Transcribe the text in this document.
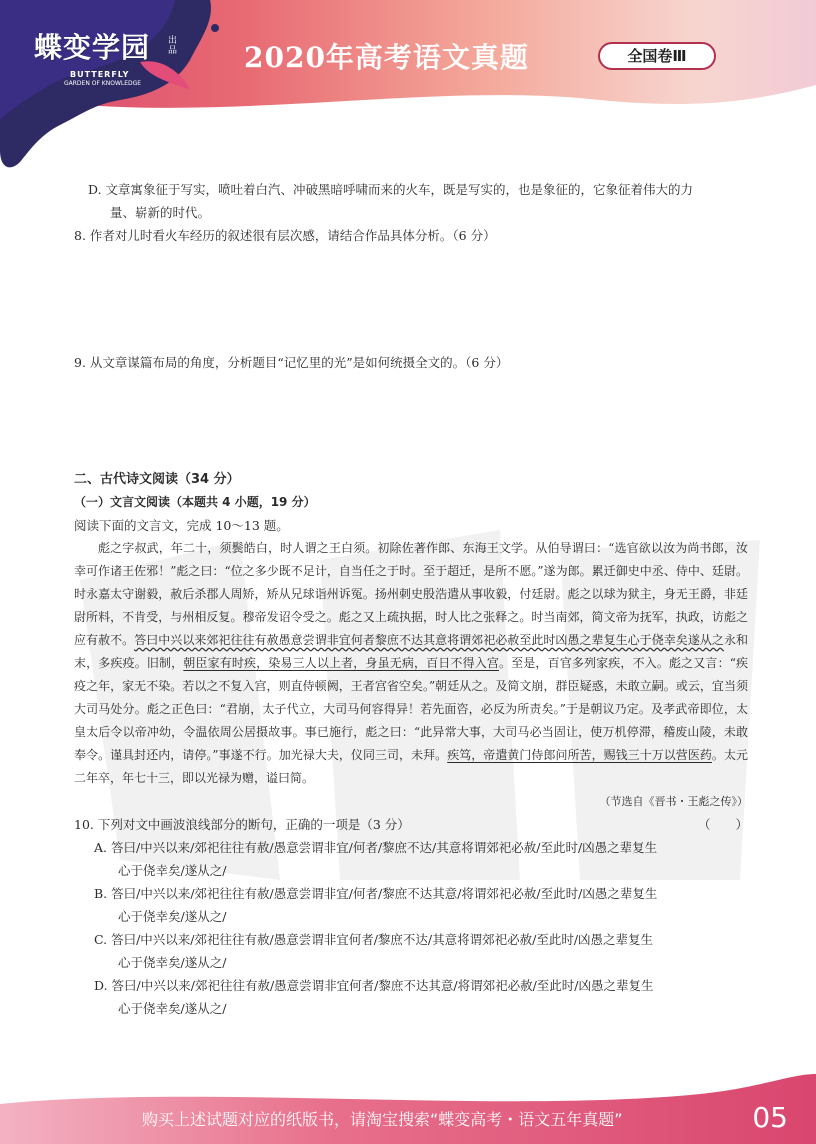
蝶变学园 出品
BUTTERFLY
GARDEN OF KNOWLEDGE
2020年高考语文真题	全国卷Ⅲ
D. 文章寓象征于写实，喷吐着白汽、冲破黑暗呼啸而来的火车，既是写实的，也是象征的，它象征着伟大的力
量、崭新的时代。
8. 作者对儿时看火车经历的叙述很有层次感，请结合作品具体分析。（6 分）
9. 从文章谋篇布局的角度，分析题目“记忆里的光”是如何统摄全文的。（6 分）
二、古代诗文阅读（34 分）
（一）文言文阅读（本题共 4 小题，19 分）
阅读下面的文言文，完成 10～13 题。

彪之字叔武，年二十，须鬓皓白，时人谓之王白须。初除佐著作郎、东海王文学。从伯导谓曰：“选官欲以汝为尚书郎，汝幸可作诸王佐邪！”彪之曰：“位之多少既不足计，自当任之于时。至于超迁，是所不愿。”遂为郎。累迁御史中丞、侍中、廷尉。时永嘉太守谢毅，赦后杀郡人周矫，矫从兄球诣州诉冤。扬州刺史殷浩遣从事收毅，付廷尉。彪之以球为狱主，身无王爵，非廷尉所料，不肯受，与州相反复。穆帝发诏令受之。彪之又上疏执据，时人比之张释之。时当南郊，简文帝为抚军，执政，访彪之应有赦不。答曰中兴以来郊祀往往有赦愚意尝谓非宜何者黎庶不达其意将谓郊祀必赦至此时凶愚之辈复生心于侥幸矣遂从之永和末，多疾疫。旧制，朝臣家有时疾，染易三人以上者，身虽无病，百日不得入宫。至是，百官多列家疾，不入。彪之又言：“疾疫之年，家无不染。若以之不复入宫，则直侍顿阙，王者宫省空矣。”朝廷从之。及简文崩，群臣疑惑，未敢立嗣。或云，宜当须大司马处分。彪之正色曰：“君崩，太子代立，大司马何容得异！若先面咨，必反为所责矣。”于是朝议乃定。及孝武帝即位，太皇太后令以帝冲幼，令温依周公居摄故事。事已施行，彪之曰：“此异常大事，大司马必当固让，使万机停滞，稽废山陵，未敢奉令。谨具封还内，请停。”事遂不行。加光禄大夫，仪同三司，未拜。疾笃，帝遣黄门侍郎问所苦，赐钱三十万以营医药。太元二年卒，年七十三，即以光禄为赠，谥曰简。

（节选自《晋书・王彪之传》）
10. 下列对文中画波浪线部分的断句，正确的一项是（3 分）	（　　）
A. 答曰/中兴以来/郊祀往往有赦/愚意尝谓非宜/何者/黎庶不达/其意将谓郊祀必赦/至此时/凶愚之辈复生
心于侥幸矣/遂从之/
B. 答曰/中兴以来/郊祀往往有赦/愚意尝谓非宜/何者/黎庶不达其意/将谓郊祀必赦/至此时/凶愚之辈复生
心于侥幸矣/遂从之/
C. 答曰/中兴以来/郊祀往往有赦/愚意尝谓非宜何者/黎庶不达/其意将谓郊祀必赦/至此时/凶愚之辈复生
心于侥幸矣/遂从之/
D. 答曰/中兴以来/郊祀往往有赦/愚意尝谓非宜何者/黎庶不达其意/将谓郊祀必赦/至此时/凶愚之辈复生
心于侥幸矣/遂从之/
购买上述试题对应的纸版书，请淘宝搜索“蝶变高考・语文五年真题”	05
